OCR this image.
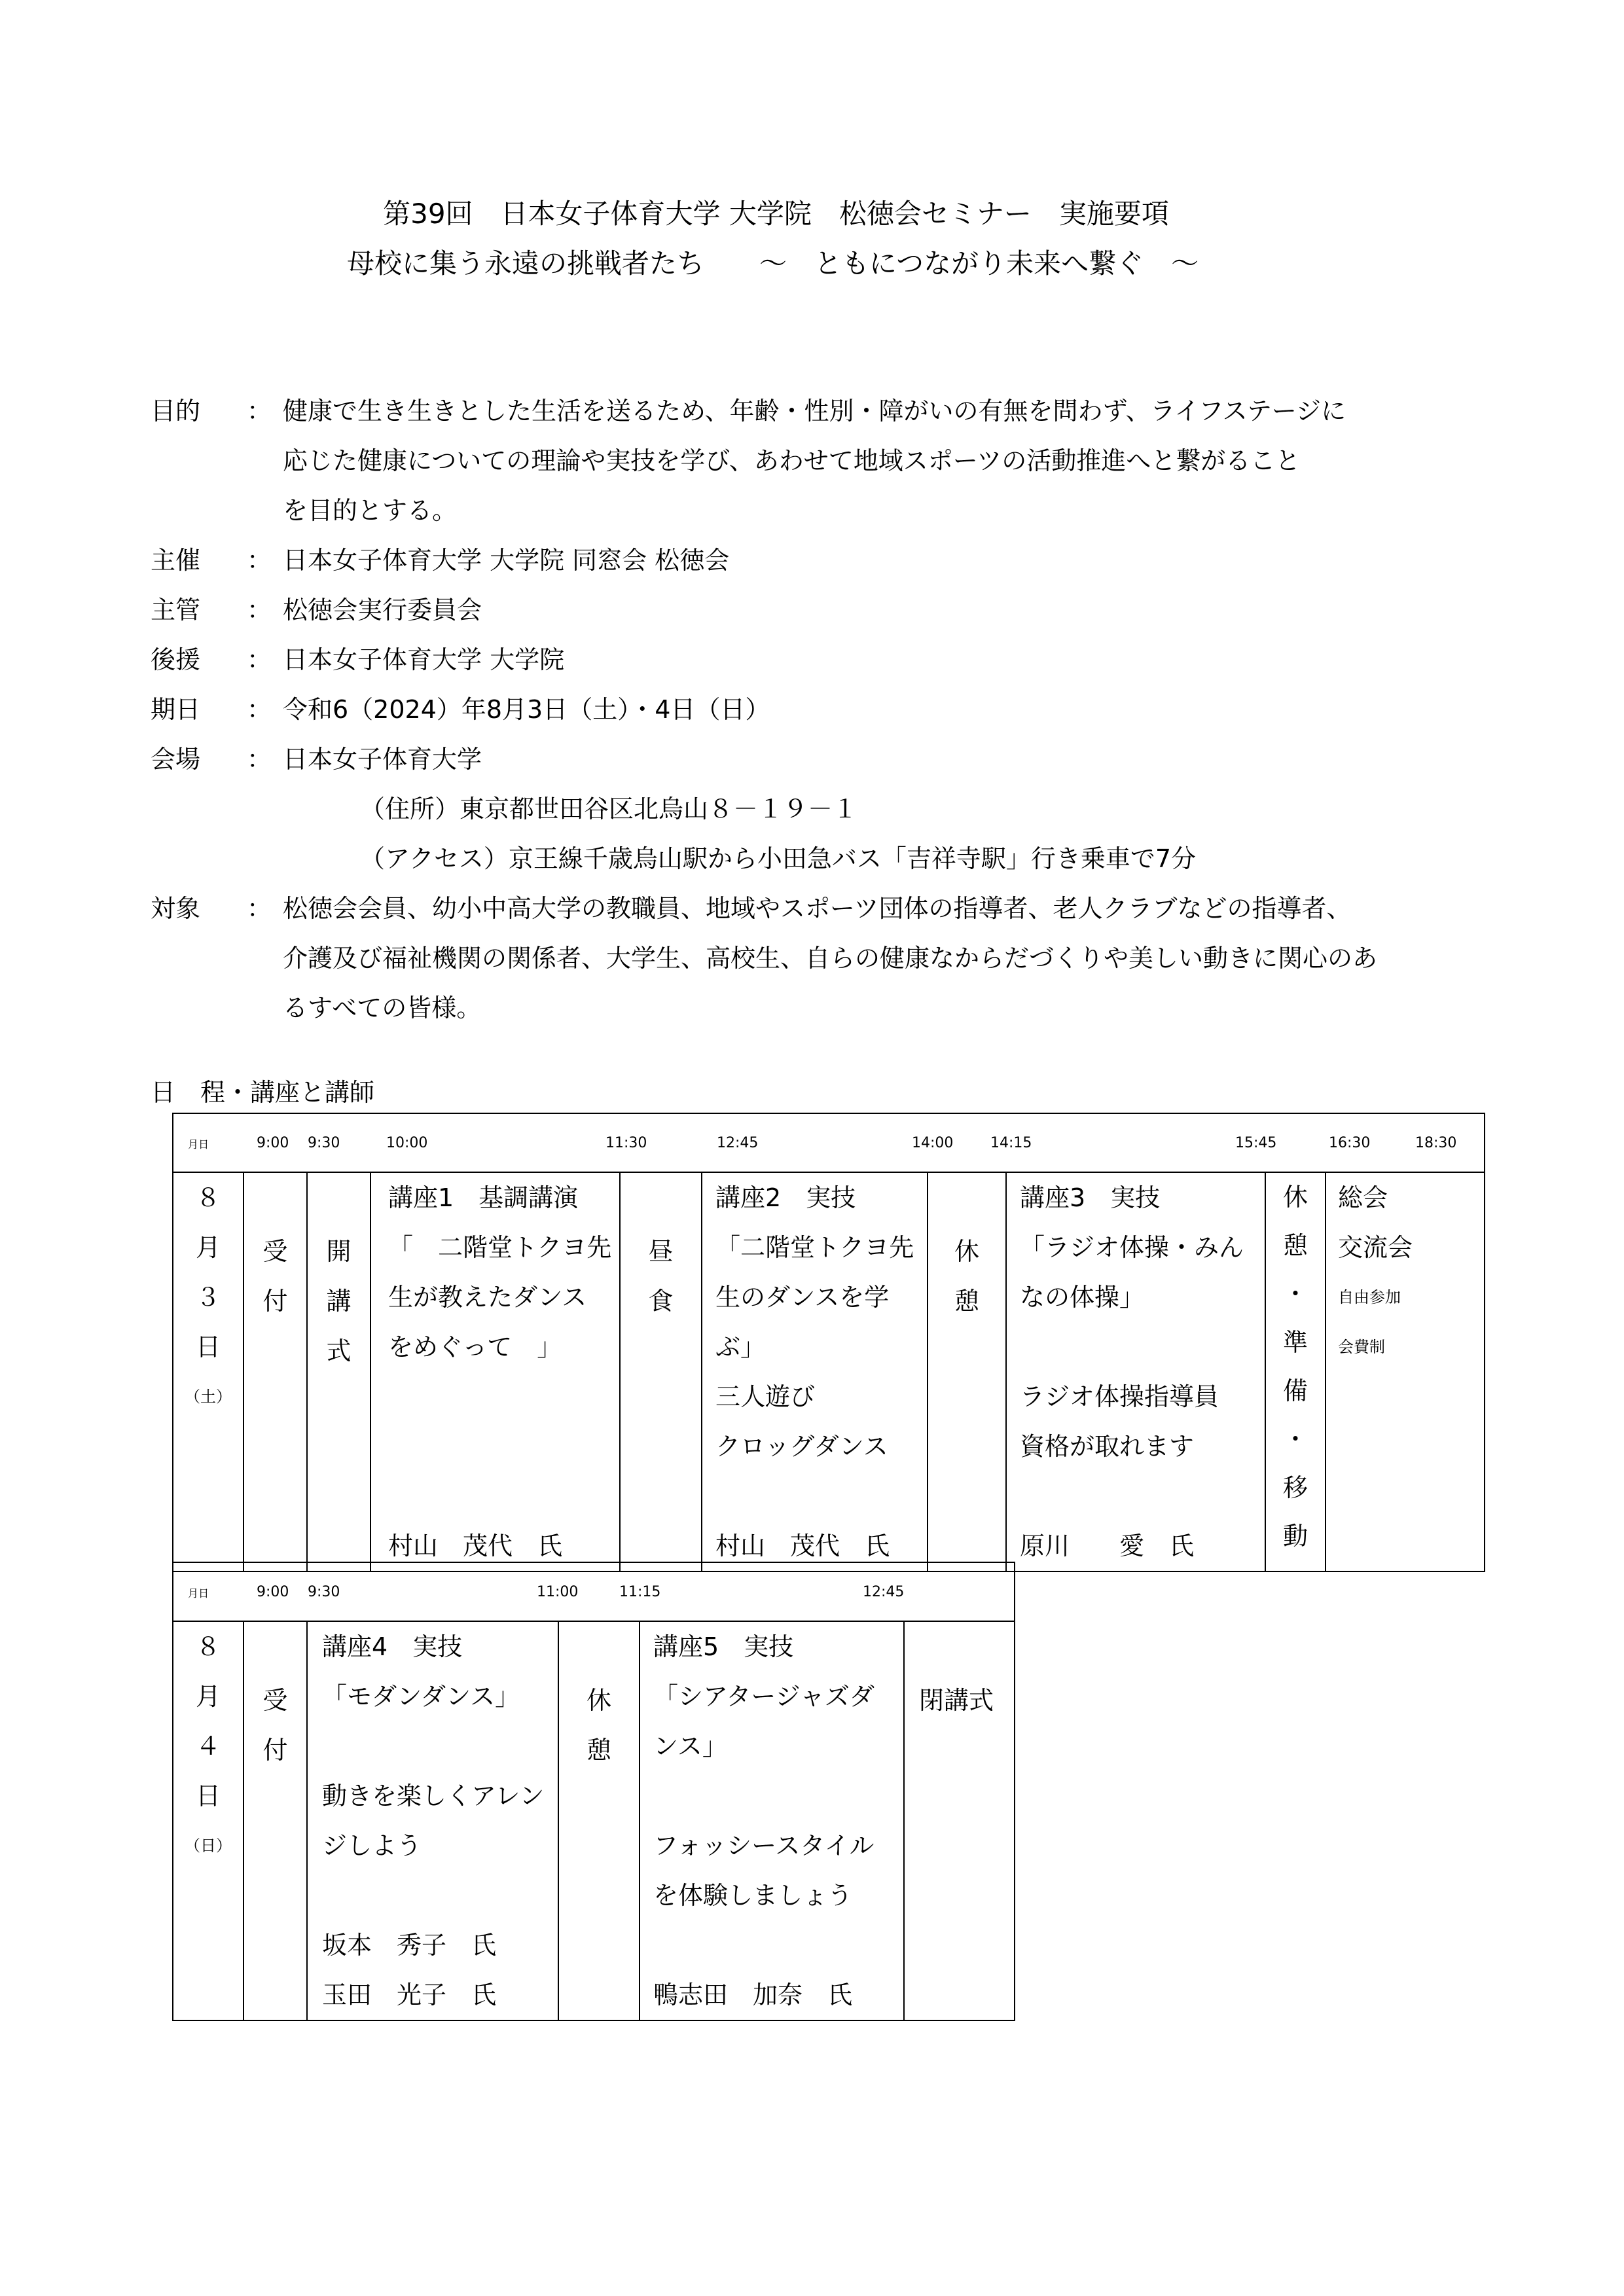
第39回　日本女子体育大学 大学院　松徳会セミナー　実施要項
母校に集う永遠の挑戦者たち　　～　ともにつながり未来へ繋ぐ　～
目的	： 健康で生き生きとした生活を送るため、年齢・性別・障がいの有無を問わず、ライフステージに
応じた健康についての理論や実技を学び、あわせて地域スポーツの活動推進へと繋がること
を目的とする。
主催	： 日本女子体育大学 大学院 同窓会 松徳会
主管	： 松徳会実行委員会
後援	： 日本女子体育大学 大学院
期日	： 令和6（2024）年8月3日（土）・4日（日）
会場	： 日本女子体育大学
（住所）東京都世田谷区北烏山８－１９－１
（アクセス）京王線千歳烏山駅から小田急バス「吉祥寺駅」行き乗車で7分
対象	： 松徳会会員、幼小中高大学の教職員、地域やスポーツ団体の指導者、老人クラブなどの指導者、
介護及び福祉機関の関係者、大学生、高校生、自らの健康なからだづくりや美しい動きに関心のあ
るすべての皆様。
日　程・講座と講師
月日	9:00 9:30	10:00	11:30	12:45	14:00	14:15	15:45	16:30	18:30

８
月
３
日
（土）

受
付

開
講
式

講座1　基調講演
「　二階堂トクヨ先
生が教えたダンス
をめぐって　」
村山　茂代　氏

昼
食

講座2　実技
「二階堂トクヨ先
生のダンスを学
ぶ」
三人遊び
クロッグダンス
村山　茂代　氏

休
憩

講座3　実技
「ラジオ体操・みん
なの体操」
ラジオ体操指導員
資格が取れます
原川　　愛　氏

休
憩
・
準
備
・
移
動

総会
交流会
自由参加
会費制
月日	9:00 9:30	11:00	11:15	12:45

８
月
４
日
（日）

受
付

講座4　実技
「モダンダンス」
動きを楽しくアレン
ジしよう
坂本　秀子　氏
玉田　光子　氏

休
憩

講座5　実技
「シアタージャズダ
ンス」
フォッシースタイル
を体験しましょう
鴨志田　加奈　氏

閉講式
